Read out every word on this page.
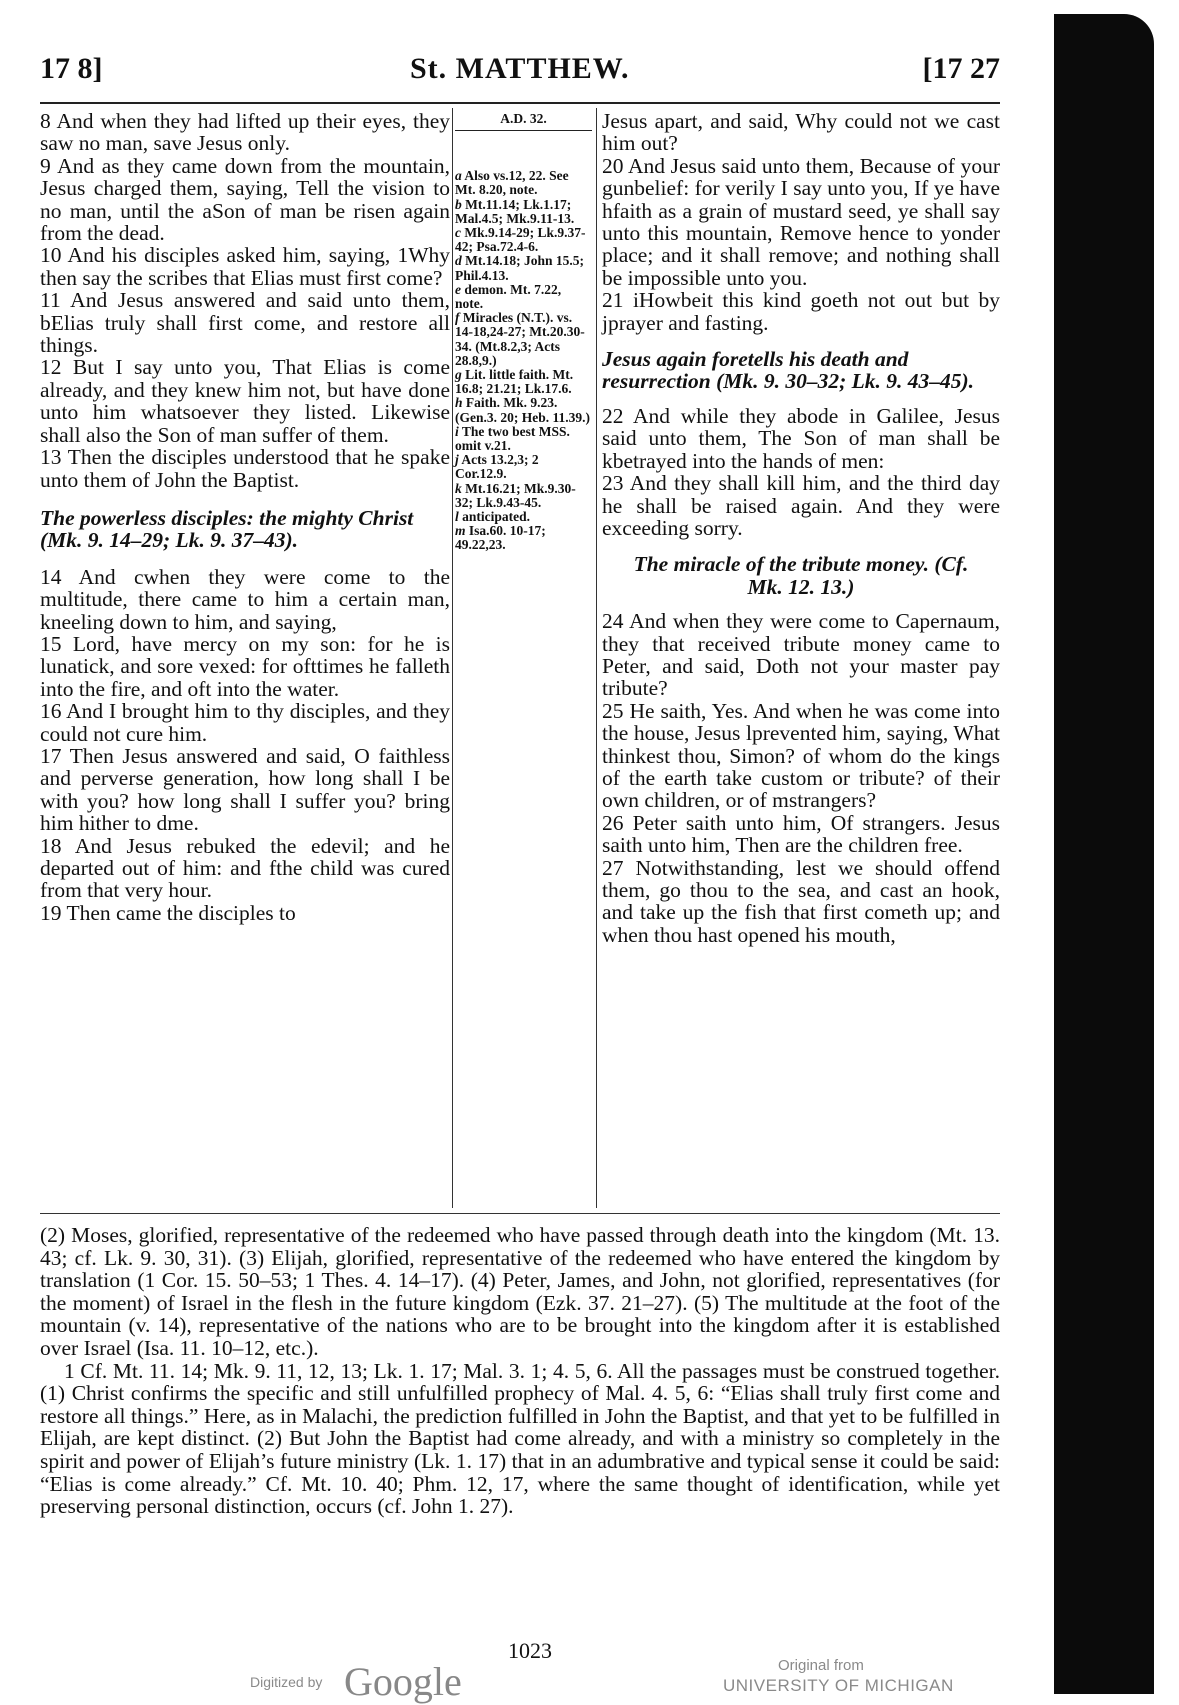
17 8]	St. MATTHEW.	[17 27

8 And when they had lifted up their eyes, they saw no man, save Jesus only.

9 And as they came down from the mountain, Jesus charged them, saying, Tell the vision to no man, until the aSon of man be risen again from the dead.

10 And his disciples asked him, saying, 1Why then say the scribes that Elias must first come?

11 And Jesus answered and said unto them, bElias truly shall first come, and restore all things.

12 But I say unto you, That Elias is come already, and they knew him not, but have done unto him whatsoever they listed. Likewise shall also the Son of man suffer of them.

13 Then the disciples understood that he spake unto them of John the Baptist.

The powerless disciples: the mighty Christ (Mk. 9. 14–29; Lk. 9. 37–43).

14 And cwhen they were come to the multitude, there came to him a certain man, kneeling down to him, and saying,

15 Lord, have mercy on my son: for he is lunatick, and sore vexed: for ofttimes he falleth into the fire, and oft into the water.

16 And I brought him to thy disciples, and they could not cure him.

17 Then Jesus answered and said, O faithless and perverse generation, how long shall I be with you? how long shall I suffer you? bring him hither to dme.

18 And Jesus rebuked the edevil; and he departed out of him: and fthe child was cured from that very hour.

19 Then came the disciples to

A.D. 32.

a Also vs.12, 22. See Mt. 8.20, note.

b Mt.11.14; Lk.1.17; Mal.4.5; Mk.9.11-13.

c Mk.9.14-29; Lk.9.37-42; Psa.72.4-6.

d Mt.14.18; John 15.5; Phil.4.13.

e demon. Mt. 7.22, note.

f Miracles (N.T.). vs. 14-18,24-27; Mt.20.30-34. (Mt.8.2,3; Acts 28.8,9.)

g Lit. little faith. Mt. 16.8; 21.21; Lk.17.6.

h Faith. Mk. 9.23. (Gen.3. 20; Heb. 11.39.)

i The two best MSS. omit v.21.

j Acts 13.2,3; 2 Cor.12.9.

k Mt.16.21; Mk.9.30-32; Lk.9.43-45.

l anticipated.

m Isa.60. 10-17; 49.22,23.

Jesus apart, and said, Why could not we cast him out?

20 And Jesus said unto them, Because of your gunbelief: for verily I say unto you, If ye have hfaith as a grain of mustard seed, ye shall say unto this mountain, Remove hence to yonder place; and it shall remove; and nothing shall be impossible unto you.

21 iHowbeit this kind goeth not out but by jprayer and fasting.

Jesus again foretells his death and resurrection (Mk. 9. 30–32; Lk. 9. 43–45).

22 And while they abode in Galilee, Jesus said unto them, The Son of man shall be kbetrayed into the hands of men:

23 And they shall kill him, and the third day he shall be raised again. And they were exceeding sorry.

The miracle of the tribute money. (Cf. Mk. 12. 13.)

24 And when they were come to Capernaum, they that received tribute money came to Peter, and said, Doth not your master pay tribute?

25 He saith, Yes. And when he was come into the house, Jesus lprevented him, saying, What thinkest thou, Simon? of whom do the kings of the earth take custom or tribute? of their own children, or of mstrangers?

26 Peter saith unto him, Of strangers. Jesus saith unto him, Then are the children free.

27 Notwithstanding, lest we should offend them, go thou to the sea, and cast an hook, and take up the fish that first cometh up; and when thou hast opened his mouth,

(2) Moses, glorified, representative of the redeemed who have passed through death into the kingdom (Mt. 13. 43; cf. Lk. 9. 30, 31). (3) Elijah, glorified, representative of the redeemed who have entered the kingdom by translation (1 Cor. 15. 50–53; 1 Thes. 4. 14–17). (4) Peter, James, and John, not glorified, representatives (for the moment) of Israel in the flesh in the future kingdom (Ezk. 37. 21–27). (5) The multitude at the foot of the mountain (v. 14), representative of the nations who are to be brought into the kingdom after it is established over Israel (Isa. 11. 10–12, etc.).

1 Cf. Mt. 11. 14; Mk. 9. 11, 12, 13; Lk. 1. 17; Mal. 3. 1; 4. 5, 6. All the passages must be construed together. (1) Christ confirms the specific and still unfulfilled prophecy of Mal. 4. 5, 6: “Elias shall truly first come and restore all things.” Here, as in Malachi, the prediction fulfilled in John the Baptist, and that yet to be fulfilled in Elijah, are kept distinct. (2) But John the Baptist had come already, and with a ministry so completely in the spirit and power of Elijah’s future ministry (Lk. 1. 17) that in an adumbrative and typical sense it could be said: “Elias is come already.” Cf. Mt. 10. 40; Phm. 12, 17, where the same thought of identification, while yet preserving personal distinction, occurs (cf. John 1. 27).

1023
Digitized by Google	Original from
UNIVERSITY OF MICHIGAN
